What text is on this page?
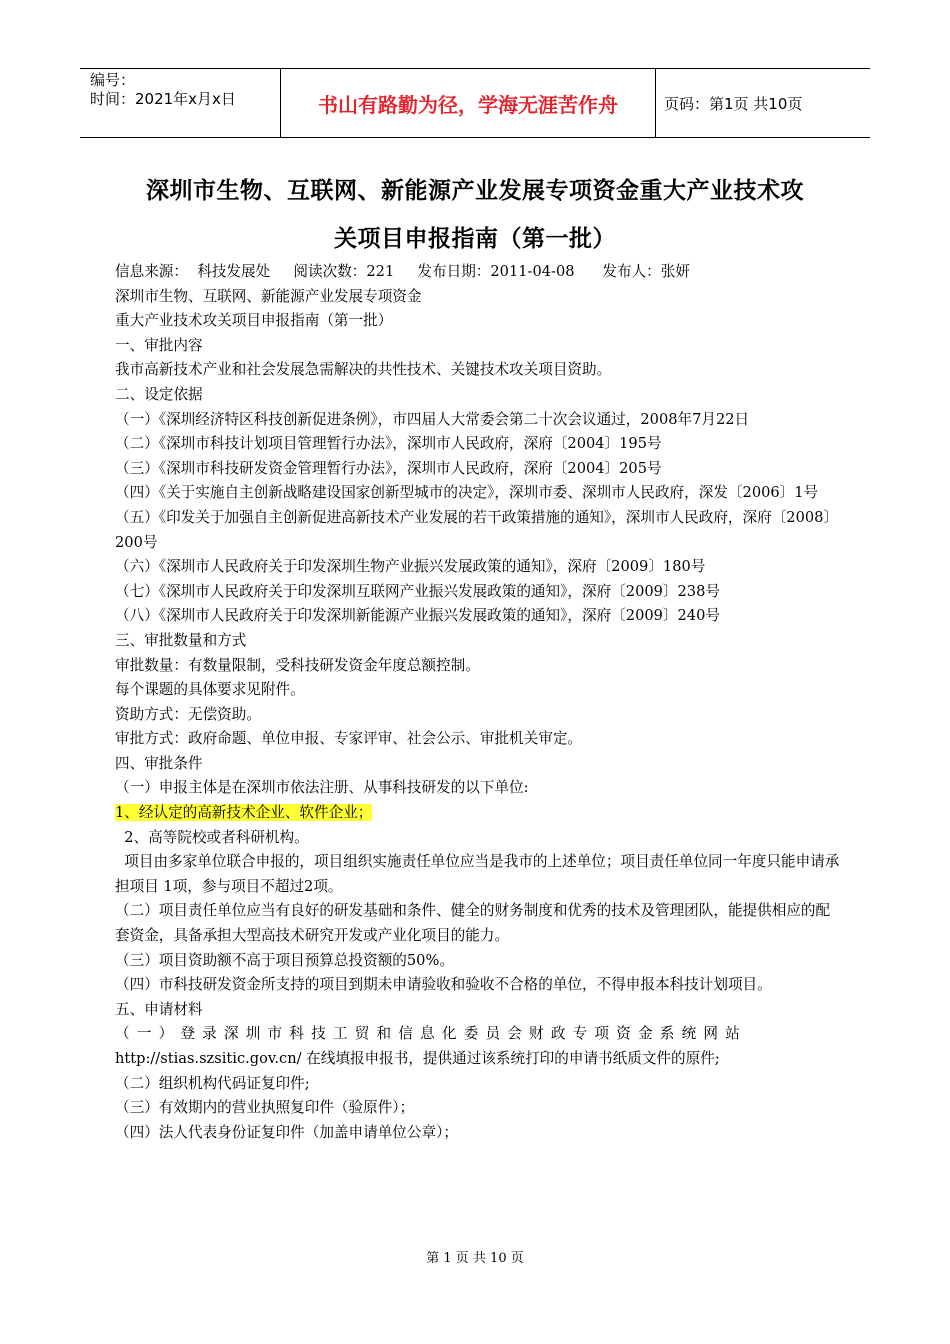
编号：
时间：2021年x月x日	书山有路勤为径，学海无涯苦作舟	页码：第1页 共10页
深圳市生物、互联网、新能源产业发展专项资金重大产业技术攻
关项目申报指南（第一批）
信息来源：  科技发展处     阅读次数：221     发布日期：2011-04-08      发布人：张妍
深圳市生物、互联网、新能源产业发展专项资金
重大产业技术攻关项目申报指南（第一批）
一、审批内容
我市高新技术产业和社会发展急需解决的共性技术、关键技术攻关项目资助。
二、设定依据
（一）《深圳经济特区科技创新促进条例》，市四届人大常委会第二十次会议通过，2008年7月22日
（二）《深圳市科技计划项目管理暂行办法》，深圳市人民政府，深府〔2004〕195号
（三）《深圳市科技研发资金管理暂行办法》，深圳市人民政府，深府〔2004〕205号
（四）《关于实施自主创新战略建设国家创新型城市的决定》，深圳市委、深圳市人民政府，深发〔2006〕1号
（五）《印发关于加强自主创新促进高新技术产业发展的若干政策措施的通知》，深圳市人民政府，深府〔2008〕200号
（六）《深圳市人民政府关于印发深圳生物产业振兴发展政策的通知》，深府〔2009〕180号
（七）《深圳市人民政府关于印发深圳互联网产业振兴发展政策的通知》，深府〔2009〕238号
（八）《深圳市人民政府关于印发深圳新能源产业振兴发展政策的通知》，深府〔2009〕240号
三、审批数量和方式
审批数量：有数量限制，受科技研发资金年度总额控制。
每个课题的具体要求见附件。
资助方式：无偿资助。
审批方式：政府命题、单位申报、专家评审、社会公示、审批机关审定。
四、审批条件
（一）申报主体是在深圳市依法注册、从事科技研发的以下单位:
1、经认定的高新技术企业、软件企业；
2、高等院校或者科研机构。
项目由多家单位联合申报的，项目组织实施责任单位应当是我市的上述单位；项目责任单位同一年度只能申请承担项目 1项，参与项目不超过2项。
（二）项目责任单位应当有良好的研发基础和条件、健全的财务制度和优秀的技术及管理团队，能提供相应的配套资金，具备承担大型高技术研究开发或产业化项目的能力。
（三）项目资助额不高于项目预算总投资额的50%。
（四）市科技研发资金所支持的项目到期未申请验收和验收不合格的单位，不得申报本科技计划项目。
五、申请材料
（一）登录深圳市科技工贸和信息化委员会财政专项资金系统网站
http://stias.szsitic.gov.cn/ 在线填报申报书，提供通过该系统打印的申请书纸质文件的原件;
（二）组织机构代码证复印件;
（三）有效期内的营业执照复印件（验原件）；
（四）法人代表身份证复印件（加盖申请单位公章）；
第 1 页 共 10 页
